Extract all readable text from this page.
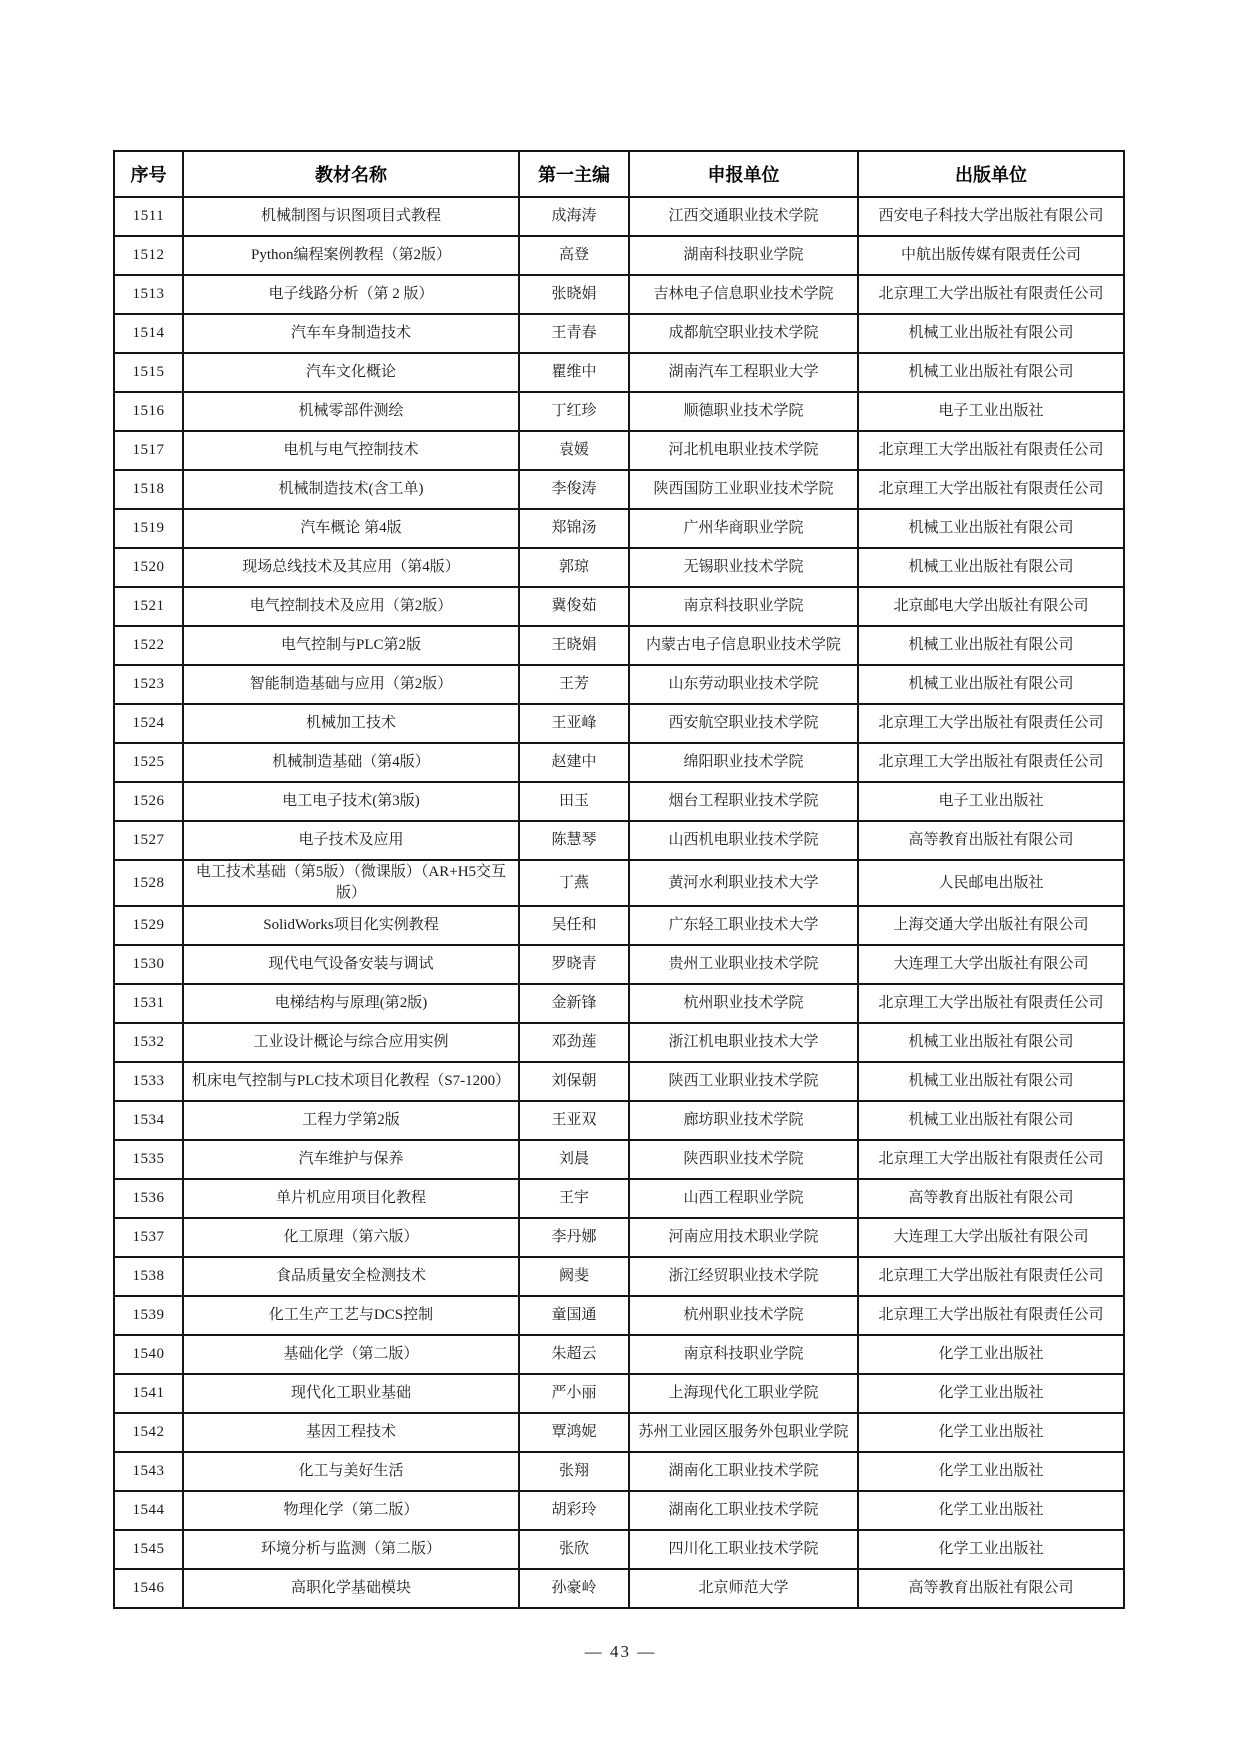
序号	教材名称	第一主编	申报单位	出版单位
1511	机械制图与识图项目式教程	成海涛	江西交通职业技术学院	西安电子科技大学出版社有限公司
1512	Python编程案例教程（第2版）	高登	湖南科技职业学院	中航出版传媒有限责任公司
1513	电子线路分析（第 2 版）	张晓娟	吉林电子信息职业技术学院	北京理工大学出版社有限责任公司
1514	汽车车身制造技术	王青春	成都航空职业技术学院	机械工业出版社有限公司
1515	汽车文化概论	瞿维中	湖南汽车工程职业大学	机械工业出版社有限公司
1516	机械零部件测绘	丁红珍	顺德职业技术学院	电子工业出版社
1517	电机与电气控制技术	袁媛	河北机电职业技术学院	北京理工大学出版社有限责任公司
1518	机械制造技术(含工单)	李俊涛	陕西国防工业职业技术学院	北京理工大学出版社有限责任公司
1519	汽车概论 第4版	郑锦汤	广州华商职业学院	机械工业出版社有限公司
1520	现场总线技术及其应用（第4版）	郭琼	无锡职业技术学院	机械工业出版社有限公司
1521	电气控制技术及应用（第2版）	冀俊茹	南京科技职业学院	北京邮电大学出版社有限公司
1522	电气控制与PLC第2版	王晓娟	内蒙古电子信息职业技术学院	机械工业出版社有限公司
1523	智能制造基础与应用（第2版）	王芳	山东劳动职业技术学院	机械工业出版社有限公司
1524	机械加工技术	王亚峰	西安航空职业技术学院	北京理工大学出版社有限责任公司
1525	机械制造基础（第4版）	赵建中	绵阳职业技术学院	北京理工大学出版社有限责任公司
1526	电工电子技术(第3版)	田玉	烟台工程职业技术学院	电子工业出版社
1527	电子技术及应用	陈慧琴	山西机电职业技术学院	高等教育出版社有限公司
1528	电工技术基础（第5版）（微课版）（AR+H5交互版）	丁燕	黄河水利职业技术大学	人民邮电出版社
1529	SolidWorks项目化实例教程	吴任和	广东轻工职业技术大学	上海交通大学出版社有限公司
1530	现代电气设备安装与调试	罗晓青	贵州工业职业技术学院	大连理工大学出版社有限公司
1531	电梯结构与原理(第2版)	金新锋	杭州职业技术学院	北京理工大学出版社有限责任公司
1532	工业设计概论与综合应用实例	邓劲莲	浙江机电职业技术大学	机械工业出版社有限公司
1533	机床电气控制与PLC技术项目化教程（S7-1200）	刘保朝	陕西工业职业技术学院	机械工业出版社有限公司
1534	工程力学第2版	王亚双	廊坊职业技术学院	机械工业出版社有限公司
1535	汽车维护与保养	刘晨	陕西职业技术学院	北京理工大学出版社有限责任公司
1536	单片机应用项目化教程	王宇	山西工程职业学院	高等教育出版社有限公司
1537	化工原理（第六版）	李丹娜	河南应用技术职业学院	大连理工大学出版社有限公司
1538	食品质量安全检测技术	阙斐	浙江经贸职业技术学院	北京理工大学出版社有限责任公司
1539	化工生产工艺与DCS控制	童国通	杭州职业技术学院	北京理工大学出版社有限责任公司
1540	基础化学（第二版）	朱超云	南京科技职业学院	化学工业出版社
1541	现代化工职业基础	严小丽	上海现代化工职业学院	化学工业出版社
1542	基因工程技术	覃鸿妮	苏州工业园区服务外包职业学院	化学工业出版社
1543	化工与美好生活	张翔	湖南化工职业技术学院	化学工业出版社
1544	物理化学（第二版）	胡彩玲	湖南化工职业技术学院	化学工业出版社
1545	环境分析与监测（第二版）	张欣	四川化工职业技术学院	化学工业出版社
1546	高职化学基础模块	孙豪岭	北京师范大学	高等教育出版社有限公司
— 43 —
